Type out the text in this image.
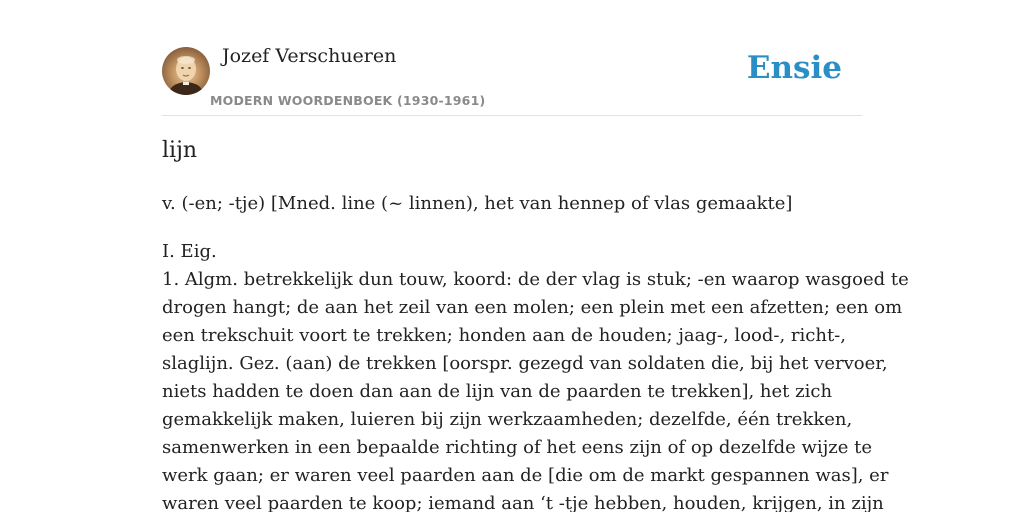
Jozef Verschueren
MODERN WOORDENBOEK (1930-1961)
Ensie
lijn
v. (-en; -tje) [Mned. line (~ linnen), het van hennep of vlas gemaakte]
I. Eig.
1. Algm. betrekkelijk dun touw, koord: de der vlag is stuk; -en waarop wasgoed te
drogen hangt; de aan het zeil van een molen; een plein met een afzetten; een om
een trekschuit voort te trekken; honden aan de houden; jaag-, lood-, richt-,
slaglijn. Gez. (aan) de trekken [oorspr. gezegd van soldaten die, bij het vervoer,
niets hadden te doen dan aan de lijn van de paarden te trekken], het zich
gemakkelijk maken, luieren bij zijn werkzaamheden; dezelfde, één trekken,
samenwerken in een bepaalde richting of het eens zijn of op dezelfde wijze te
werk gaan; er waren veel paarden aan de [die om de markt gespannen was], er
waren veel paarden te koop; iemand aan ‘t -tje hebben, houden, krijgen, in zijn
